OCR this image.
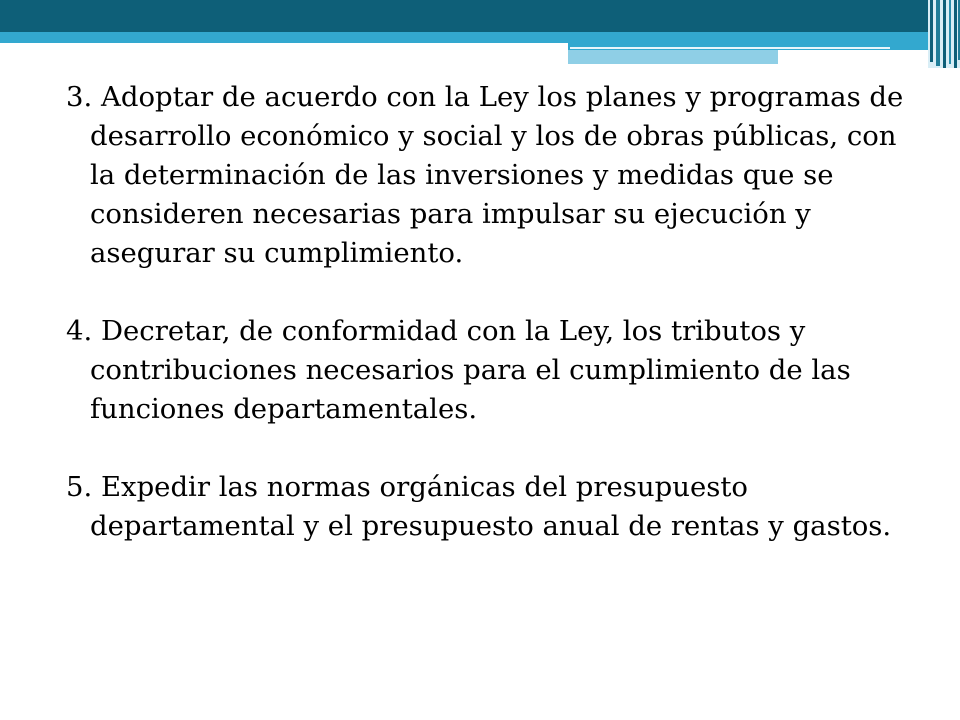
3. Adoptar de acuerdo con la Ley los planes y programas de desarrollo económico y social y los de obras públicas, con la determinación de las inversiones y medidas que se consideren necesarias para impulsar su ejecución y asegurar su cumplimiento.

4. Decretar, de conformidad con la Ley, los tributos y contribuciones necesarios para el cumplimiento de las funciones departamentales.

5. Expedir las normas orgánicas del presupuesto departamental y el presupuesto anual de rentas y gastos.
